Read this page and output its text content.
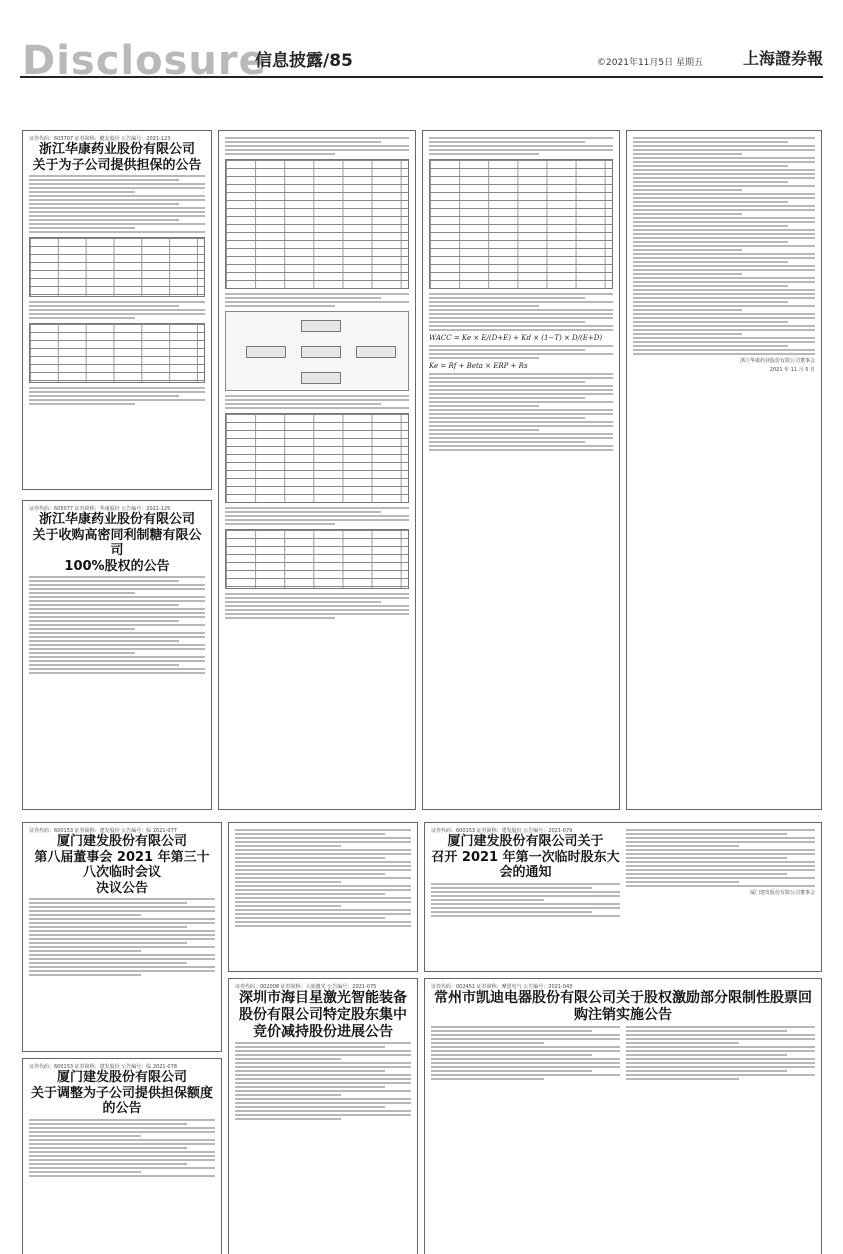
Disclosure
信息披露/85	©2021年11月5日 星期五 上海證券報
证券代码：603707 证券简称：健友股份 公告编号：2021-123
浙江华康药业股份有限公司
关于为子公司提供担保的公告
证券代码：605077 证券简称：华康股份 公告编号：2021-125
浙江华康药业股份有限公司
关于收购高密同利制糖有限公司
100%股权的公告
WACC = Ke × E/(D+E) + Kd × (1−T) × D/(E+D)
Ke = Rf + Beta × ERP + Rs
浙江华康药业股份有限公司董事会
2021 年 11 月 5 日
证券代码：600153 证券简称：建发股份 公告编号：临 2021-077
厦门建发股份有限公司
第八届董事会 2021 年第三十八次临时会议
决议公告
证券代码：600153 证券简称：建发股份 公告编号：临 2021-078
厦门建发股份有限公司
关于调整为子公司提供担保额度的公告
证券代码：600153 证券简称：建发股份 公告编号：2021-079
厦门建发股份有限公司关于
召开 2021 年第一次临时股东大会的通知
厦门建发股份有限公司董事会
证券代码：002008 证券简称：大族激光 公告编号：2021-075
深圳市海目星激光智能装备股份有限公司特定股东集中竞价减持股份进展公告
证券代码：002451 证券简称：摩恩电气 公告编号：2021-043
常州市凯迪电器股份有限公司关于股权激励部分限制性股票回购注销实施公告
